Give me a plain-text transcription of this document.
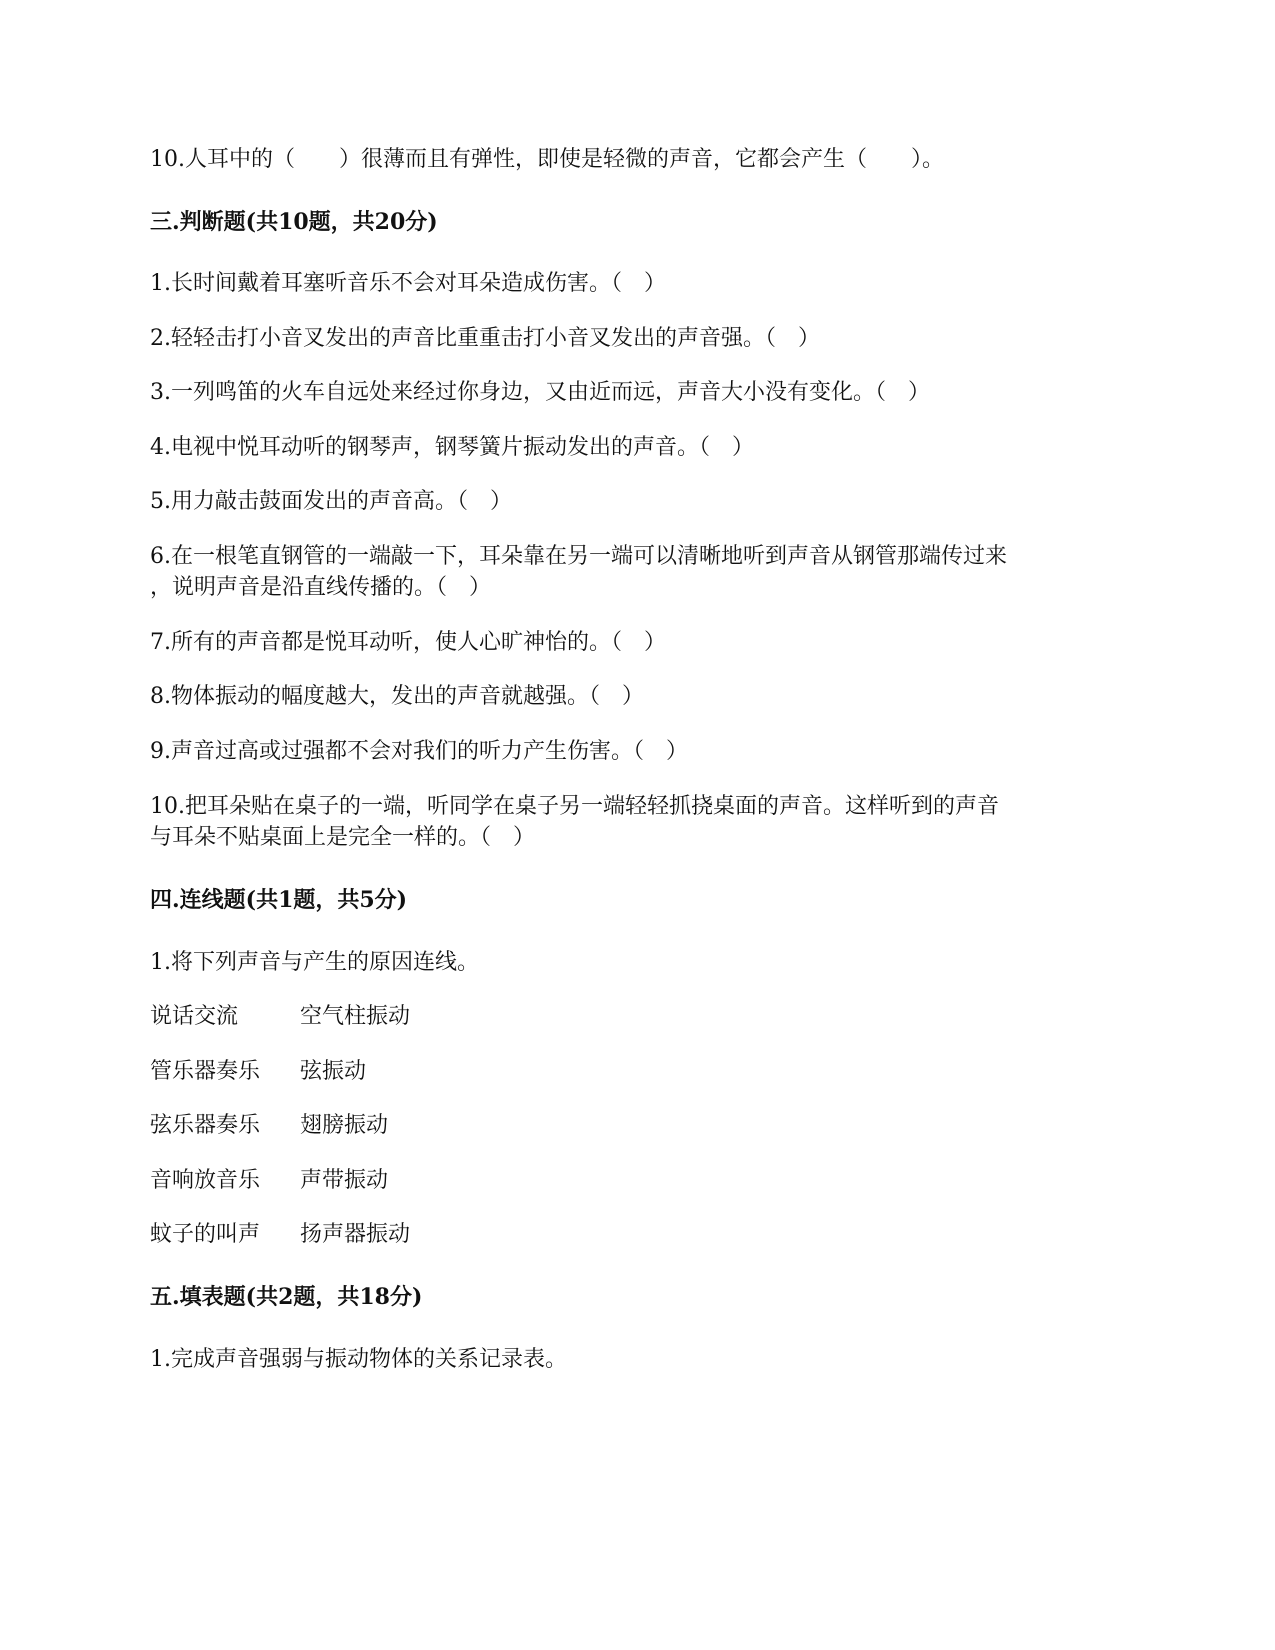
10.人耳中的（　　）很薄而且有弹性，即使是轻微的声音，它都会产生（　　）。
三.判断题(共10题，共20分)
1.长时间戴着耳塞听音乐不会对耳朵造成伤害。（　）
2.轻轻击打小音叉发出的声音比重重击打小音叉发出的声音强。（　）
3.一列鸣笛的火车自远处来经过你身边，又由近而远，声音大小没有变化。（　）
4.电视中悦耳动听的钢琴声，钢琴簧片振动发出的声音。（　）
5.用力敲击鼓面发出的声音高。（　）
6.在一根笔直钢管的一端敲一下，耳朵靠在另一端可以清晰地听到声音从钢管那端传过来
，说明声音是沿直线传播的。（　）
7.所有的声音都是悦耳动听，使人心旷神怡的。（　）
8.物体振动的幅度越大，发出的声音就越强。（　）
9.声音过高或过强都不会对我们的听力产生伤害。（　）
10.把耳朵贴在桌子的一端，听同学在桌子另一端轻轻抓挠桌面的声音。这样听到的声音
与耳朵不贴桌面上是完全一样的。（　）
四.连线题(共1题，共5分)
1.将下列声音与产生的原因连线。
说话交流	空气柱振动
管乐器奏乐 弦振动
弦乐器奏乐 翅膀振动
音响放音乐 声带振动
蚊子的叫声 扬声器振动
五.填表题(共2题，共18分)
1.完成声音强弱与振动物体的关系记录表。
